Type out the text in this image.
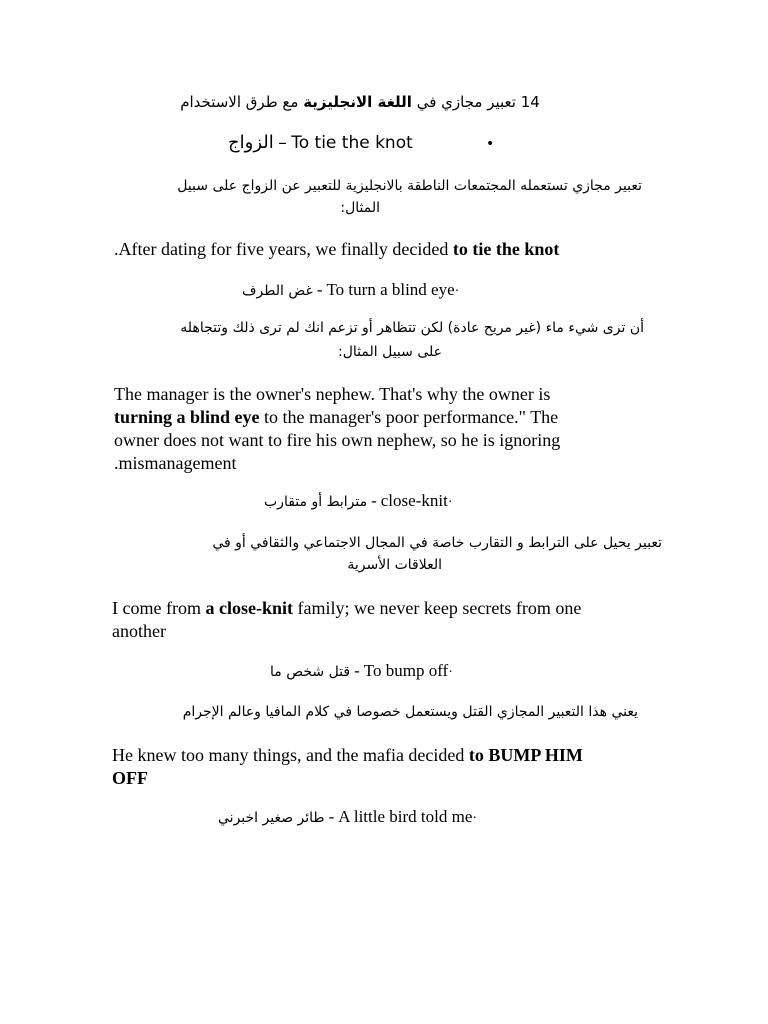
14 تعبير مجازي في اللغة الانجليزية مع طرق الاستخدام
الزواج – To tie the knot	•
تعبير مجازي تستعمله المجتمعات الناطقة بالانجليزية للتعبير عن الزواج على سبيل
المثال:
.After dating for five years, we finally decided to tie the knot
غض الطرف - To turn a blind eye·
أن ترى شيء ماء (غير مريح عادة) لكن تتظاهر أو تزعم انك لم ترى ذلك وتتجاهله
على سبيل المثال:
The manager is the owner's nephew. That's why the owner is
turning a blind eye to the manager's poor performance." The
owner does not want to fire his own nephew, so he is ignoring
.mismanagement
مترابط أو متقارب - close-knit·
تعبير يحيل على الترابط و التقارب خاصة في المجال الاجتماعي والثقافي أو في
العلاقات الأسرية
I come from a close-knit family; we never keep secrets from one
another
قتل شخص ما - To bump off·
يعني هذا التعبير المجازي القتل ويستعمل خصوصا في كلام المافيا وعالم الإجرام
He knew too many things, and the mafia decided to BUMP HIM
OFF
طائر صغير اخبرني - A little bird told me·
